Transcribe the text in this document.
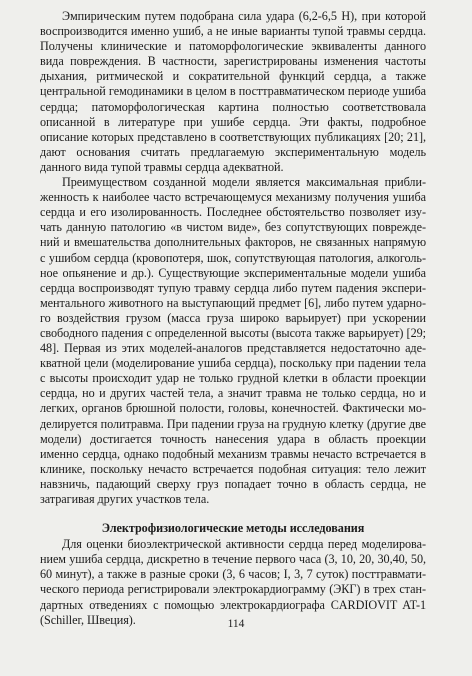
Эмпирическим путем подобрана сила удара (6,2-6,5 Н), при которой воспроизводится именно ушиб, а не иные варианты тупой травмы сердца. Получены клинические и патоморфологические эквиваленты данного вида повреждения. В частности, зарегистрированы изменения частоты дыхания, ритмической и сократительной функций сердца, а также центральной гемодинамики в целом в посттравматическом периоде ушиба сердца; патоморфологическая картина полностью соответствовала описанной в литературе при ушибе сердца. Эти факты, подробное описание которых представлено в соответствующих публикациях [20; 21], дают основания считать предлагаемую экспериментальную модель данного вида тупой травмы сердца адекватной.

Преимуществом созданной модели является максимальная приближенность к наиболее часто встречающемуся механизму получения ушиба сердца и его изолированность. Последнее обстоятельство позволяет изучать данную патологию «в чистом виде», без сопутствующих повреждений и вмешательства дополнительных факторов, не связанных напрямую с ушибом сердца (кровопотеря, шок, сопутствующая патология, алкогольное опьянение и др.). Существующие экспериментальные модели ушиба сердца воспроизводят тупую травму сердца либо путем падения экспериментального животного на выступающий предмет [6], либо путем ударного воздействия грузом (масса груза широко варьирует) при ускорении свободного падения с определенной высоты (высота также варьирует) [29; 48]. Первая из этих моделей-аналогов представляется недостаточно адекватной цели (моделирование ушиба сердца), поскольку при падении тела с высоты происходит удар не только грудной клетки в области проекции сердца, но и других частей тела, а значит травма не только сердца, но и легких, органов брюшной полости, головы, конечностей. Фактически моделируется политравма. При падении груза на грудную клетку (другие две модели) достигается точность нанесения удара в область проекции именно сердца, однако подобный механизм травмы нечасто встречается в клинике, поскольку нечасто встречается подобная ситуация: тело лежит навзничь, падающий сверху груз попадает точно в область сердца, не затрагивая других участков тела.

Электрофизиологические методы исследования

Для оценки биоэлектрической активности сердца перед моделированием ушиба сердца, дискретно в течение первого часа (3, 10, 20, 30,40, 50, 60 минут), а также в разные сроки (3, 6 часов; I, 3, 7 суток) посттравматического периода регистрировали электрокардиограмму (ЭКГ) в трех стандартных отведениях с помощью электрокардиографа CARDIOVIT AT-1 (Schiller, Швеция).	114
